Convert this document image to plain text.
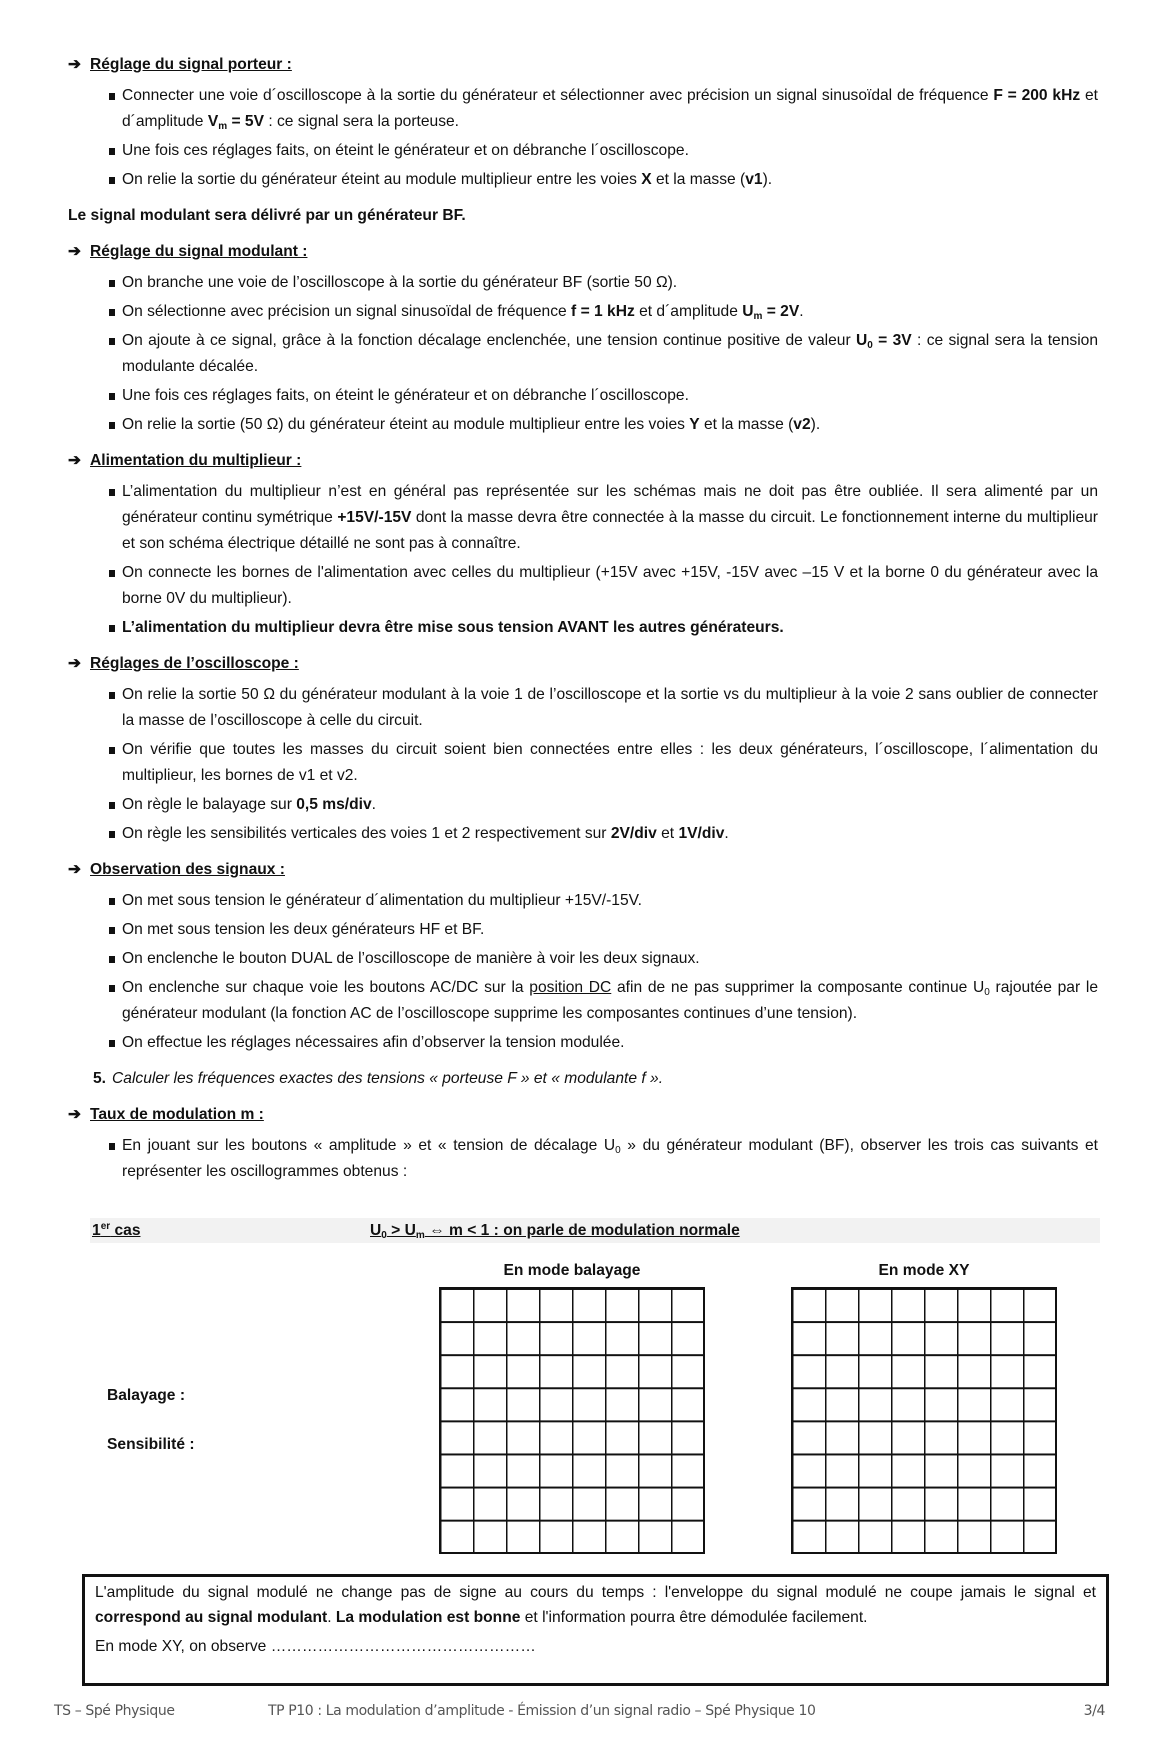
➔ Réglage du signal porteur :
Connecter une voie d´oscilloscope à la sortie du générateur et sélectionner avec précision un signal sinusoïdal de fréquence F = 200 kHz et d´amplitude $V_m = 5V$ : ce signal sera la porteuse.
Une fois ces réglages faits, on éteint le générateur et on débranche l´oscilloscope.
On relie la sortie du générateur éteint au module multiplieur entre les voies X et la masse (v1).
Le signal modulant sera délivré par un générateur BF.
➔ Réglage du signal modulant :
On branche une voie de l’oscilloscope à la sortie du générateur BF (sortie 50 Ω).
On sélectionne avec précision un signal sinusoïdal de fréquence f = 1 kHz et d´amplitude $U_m = 2V$.
On ajoute à ce signal, grâce à la fonction décalage enclenchée, une tension continue positive de valeur $U_0 = 3V$ : ce signal sera la tension modulante décalée.
Une fois ces réglages faits, on éteint le générateur et on débranche l´oscilloscope.
On relie la sortie (50 Ω) du générateur éteint au module multiplieur entre les voies Y et la masse (v2).
➔ Alimentation du multiplieur :
L’alimentation du multiplieur n’est en général pas représentée sur les schémas mais ne doit pas être oubliée. Il sera alimenté par un générateur continu symétrique +15V/-15V dont la masse devra être connectée à la masse du circuit. Le fonctionnement interne du multiplieur et son schéma électrique détaillé ne sont pas à connaître.
On connecte les bornes de l'alimentation avec celles du multiplieur (+15V avec +15V, -15V avec –15 V et la borne 0 du générateur avec la borne 0V du multiplieur).
L’alimentation du multiplieur devra être mise sous tension AVANT les autres générateurs.
➔ Réglages de l’oscilloscope :
On relie la sortie 50 Ω du générateur modulant à la voie 1 de l’oscilloscope et la sortie vs du multiplieur à la voie 2 sans oublier de connecter la masse de l’oscilloscope à celle du circuit.
On vérifie que toutes les masses du circuit soient bien connectées entre elles : les deux générateurs, l´oscilloscope, l´alimentation du multiplieur, les bornes de v1 et v2.
On règle le balayage sur 0,5 ms/div.
On règle les sensibilités verticales des voies 1 et 2 respectivement sur 2V/div et 1V/div.
➔ Observation des signaux :
On met sous tension le générateur d´alimentation du multiplieur +15V/-15V.
On met sous tension les deux générateurs HF et BF.
On enclenche le bouton DUAL de l’oscilloscope de manière à voir les deux signaux.
On enclenche sur chaque voie les boutons AC/DC sur la position DC afin de ne pas supprimer la composante continue $U_0$ rajoutée par le générateur modulant (la fonction AC de l’oscilloscope supprime les composantes continues d’une tension).
On effectue les réglages nécessaires afin d’observer la tension modulée.
5. Calculer les fréquences exactes des tensions « porteuse F » et « modulante f ».
➔ Taux de modulation m :
En jouant sur les boutons « amplitude » et « tension de décalage $U_0$ » du générateur modulant (BF), observer les trois cas suivants et représenter les oscillogrammes obtenus :
1er cas	$U_0 > U_m$ ⇔ m < 1 : on parle de modulation normale
En mode balayage	En mode XY
Balayage :
Sensibilité :

L'amplitude du signal modulé ne change pas de signe au cours du temps : l'enveloppe du signal modulé ne coupe jamais le signal et correspond au signal modulant. La modulation est bonne et l'information pourra être démodulée facilement.

En mode XY, on observe ……………………………………………

TS – Spé Physique	TP P10 : La modulation d’amplitude - Émission d’un signal radio – Spé Physique 10	3/4
